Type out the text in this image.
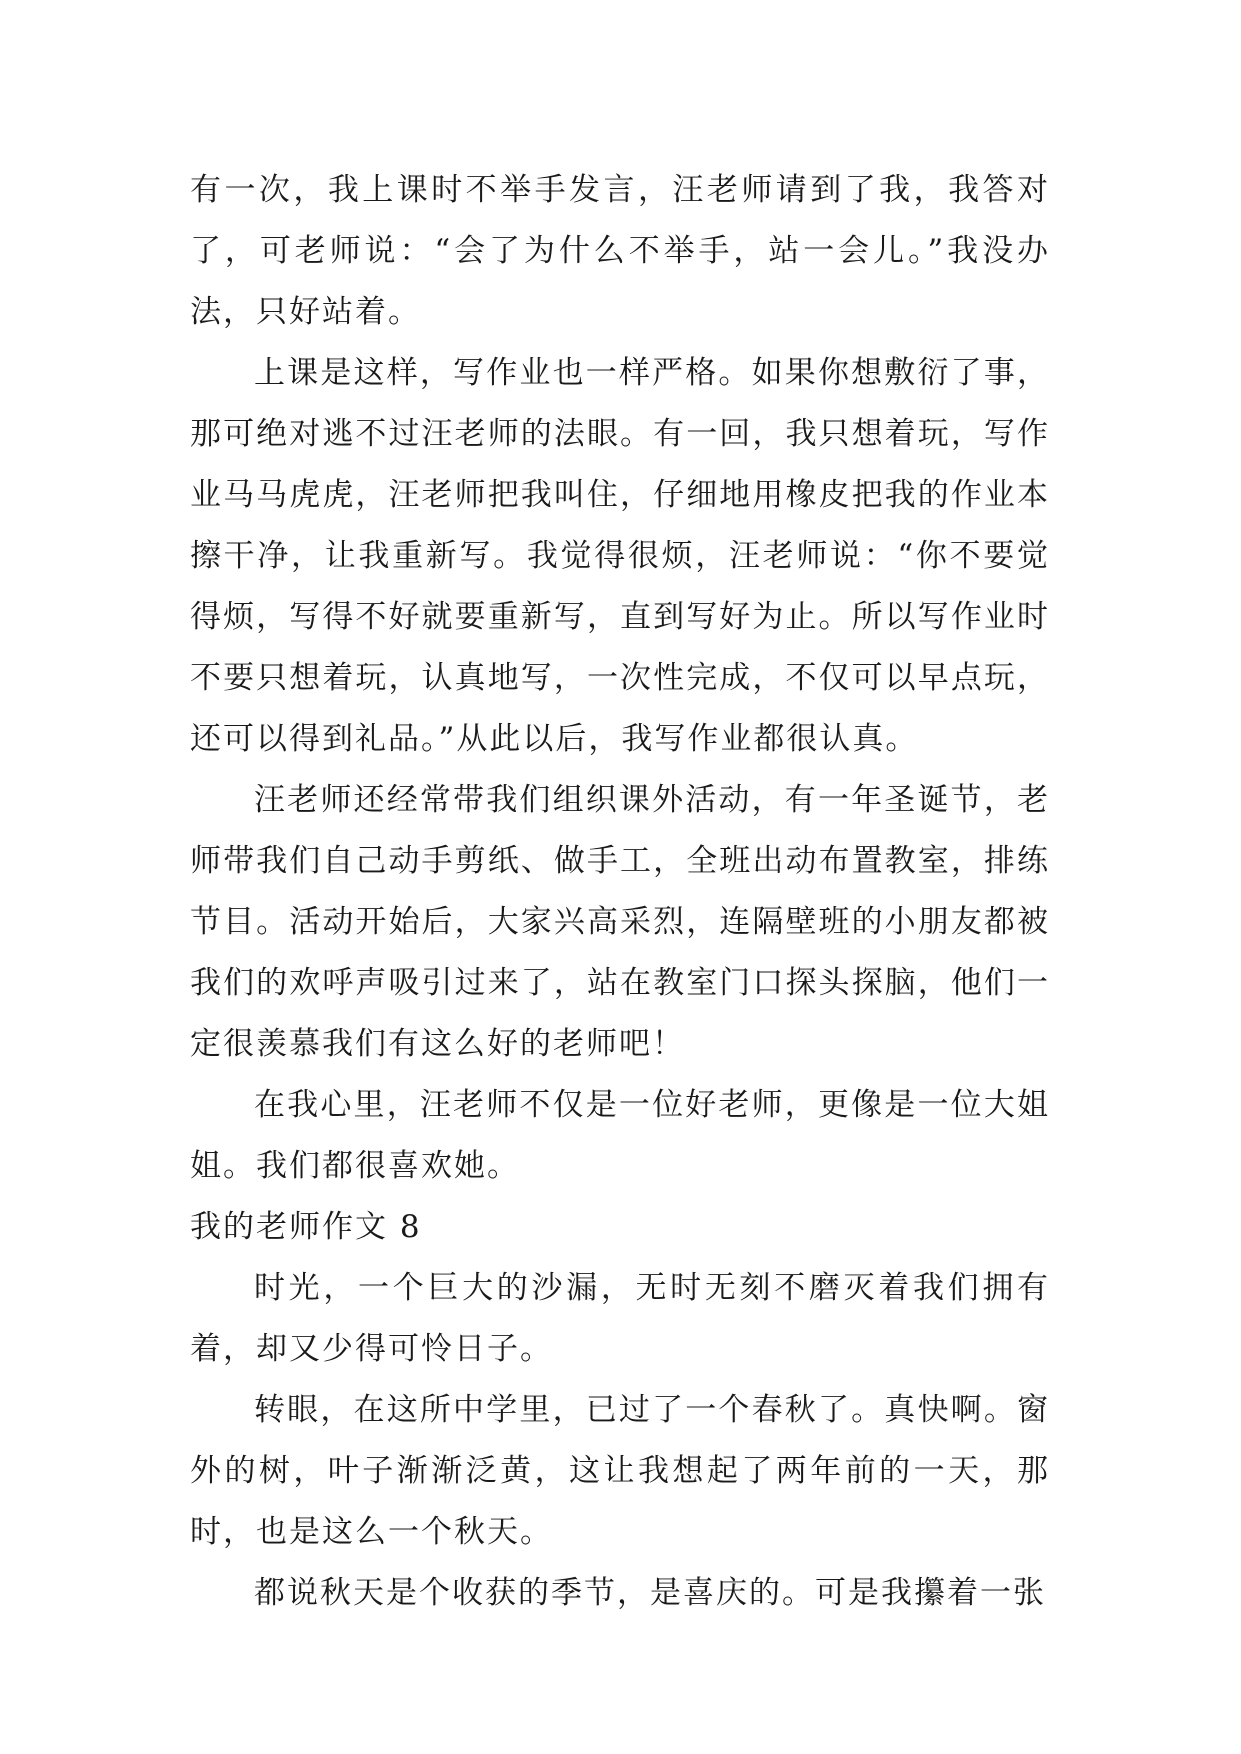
有一次，我上课时不举手发言，汪老师请到了我，我答对了，可老师说：“会了为什么不举手，站一会儿。”我没办法，只好站着。

上课是这样，写作业也一样严格。如果你想敷衍了事，那可绝对逃不过汪老师的法眼。有一回，我只想着玩，写作业马马虎虎，汪老师把我叫住，仔细地用橡皮把我的作业本擦干净，让我重新写。我觉得很烦，汪老师说：“你不要觉得烦，写得不好就要重新写，直到写好为止。所以写作业时不要只想着玩，认真地写，一次性完成，不仅可以早点玩，还可以得到礼品。”从此以后，我写作业都很认真。

汪老师还经常带我们组织课外活动，有一年圣诞节，老师带我们自己动手剪纸、做手工，全班出动布置教室，排练节目。活动开始后，大家兴高采烈，连隔壁班的小朋友都被我们的欢呼声吸引过来了，站在教室门口探头探脑，他们一定很羡慕我们有这么好的老师吧！

在我心里，汪老师不仅是一位好老师，更像是一位大姐姐。我们都很喜欢她。

我的老师作文 8

时光，一个巨大的沙漏，无时无刻不磨灭着我们拥有着，却又少得可怜日子。

转眼，在这所中学里，已过了一个春秋了。真快啊。窗外的树，叶子渐渐泛黄，这让我想起了两年前的一天，那时，也是这么一个秋天。

都说秋天是个收获的季节，是喜庆的。可是我攥着一张
